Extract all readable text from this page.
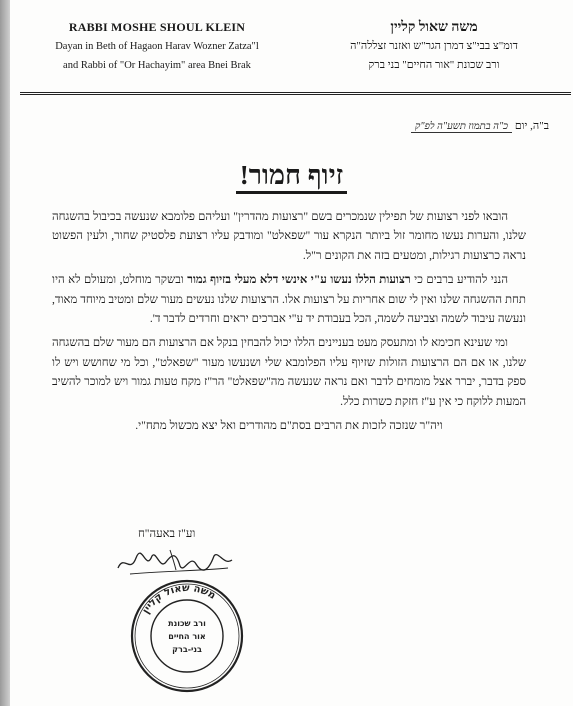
RABBI MOSHE SHOUL KLEIN
Dayan in Beth of Hagaon Harav Wozner Zatza"l
and Rabbi of "Or Hachayim" area Bnei Brak
משה שאול קליין
דומ"צ בבי"צ דמרן הגר"ש ואזנר זצללה"ה
ורב שכונת "אור החיים" בני ברק
ב"ה, יום כ"ה בתמוז תשע"ה לפ"ק
זיוף חמור!

הובאו לפני רצועות של תפילין שנמכרים בשם "רצועות מהדרין" ועליהם פלומבא שנעשה בכיבול בהשגחה שלנו, והערות נעשו מחומר זול ביותר הנקרא עור "שפאלט" ומודבק עליו רצועת פלסטיק שחור, ולעין הפשוט נראה כרצועות רגילות, ומטעים בזה את הקונים ר"ל.

הנני להודיע ברבים כי רצועות הללו נעשו ע"י אינשי דלא מעלי בזיוף גמור ובשקר מוחלט, ומעולם לא היו תחת ההשגחה שלנו ואין לי שום אחריות על רצועות אלו. הרצועות שלנו נעשים מעור שלם ומטיב מיוחד מאוד, ונעשה עיבוד לשמה וצביעה לשמה, הכל בעבודת יד ע"י אברכים יראים וחרדים לדבר ד'.

ומי שעינא חכימא לו ומתעסק מעט בעניינים הללו יכול להבחין בנקל אם הרצועות הם מעור שלם בהשגחה שלנו, או אם הם הרצועות הזולות שזיוף עליו הפלומבא שלי ושנעשו מעור "שפאלט", וכל מי שחושש ויש לו ספק בדבר, יברר אצל מומחים לדבר ואם נראה שנעשה מה"שפאלט" הר"ז מקח טעות גמור ויש למוכר להשיב המעות ללוקח כי אין ע"ז חזקת כשרות כלל.

ויה"ר שנזכה לזכות את הרבים בסת"ם מהודרים ואל יצא מכשול מתח"י.

וע"ז באעה"ח
משה שאול קליין
ורב שכונת
אור החיים
בני-ברק
